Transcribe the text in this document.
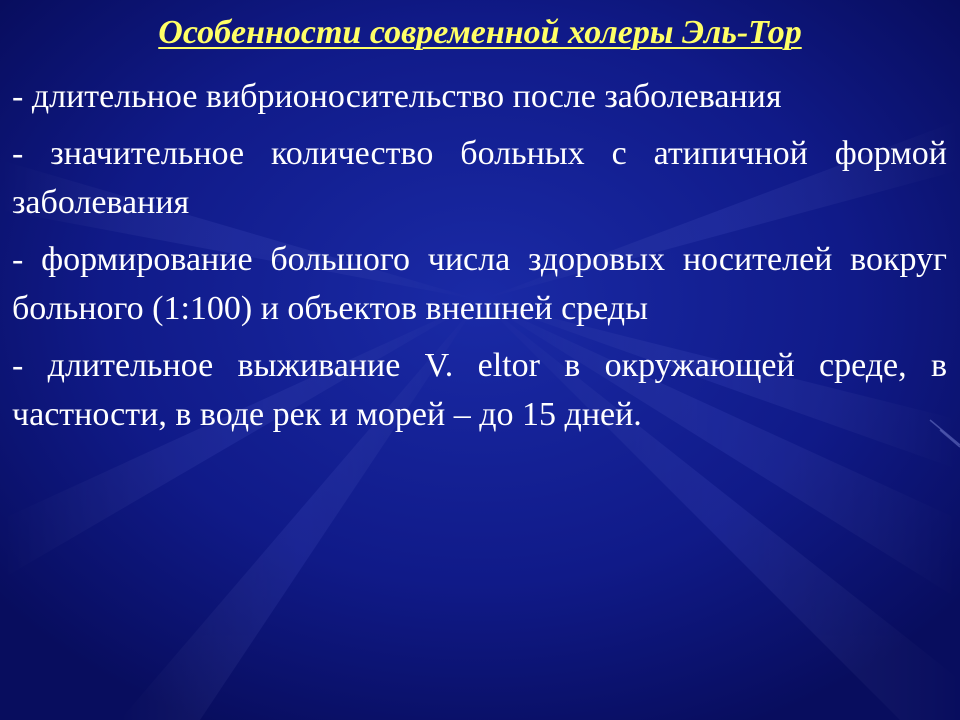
Особенности современной холеры Эль-Тор

- длительное вибрионосительство после заболевания

- значительное количество больных с атипичной формой заболевания

- формирование большого числа здоровых носителей вокруг больного (1:100) и объектов внешней среды

- длительное выживание V. eltor в окружающей среде, в частности, в воде рек и морей – до 15 дней.
